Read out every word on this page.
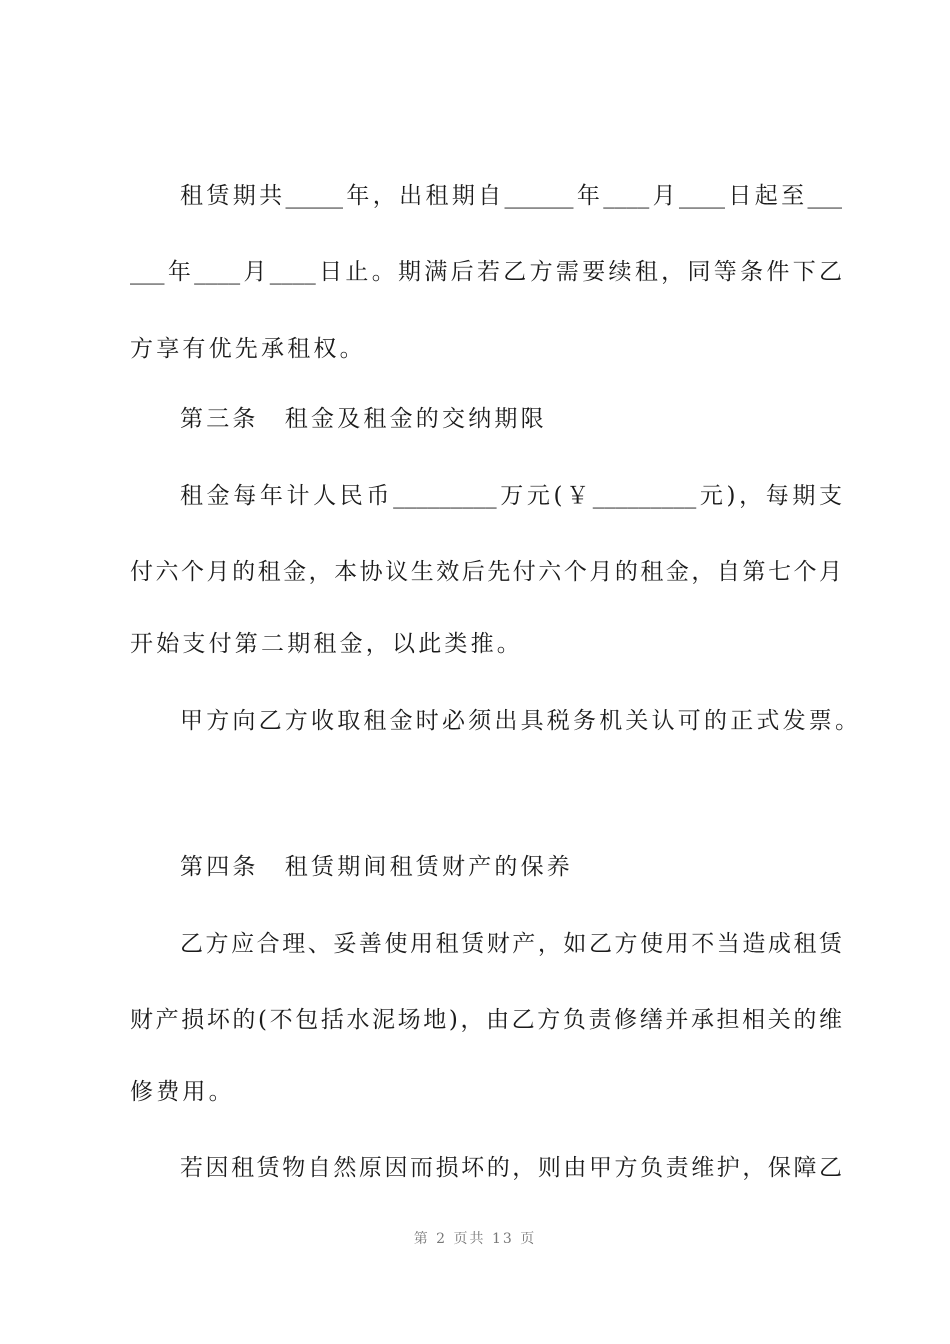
租赁期共_____年，出租期自______年____月____日起至___
___年____月____日止。期满后若乙方需要续租，同等条件下乙
方享有优先承租权。
第三条　租金及租金的交纳期限
租金每年计人民币_________万元(￥_________元)，每期支
付六个月的租金，本协议生效后先付六个月的租金，自第七个月
开始支付第二期租金，以此类推。
甲方向乙方收取租金时必须出具税务机关认可的正式发票。
第四条　租赁期间租赁财产的保养
乙方应合理、妥善使用租赁财产，如乙方使用不当造成租赁
财产损坏的(不包括水泥场地)，由乙方负责修缮并承担相关的维
修费用。
若因租赁物自然原因而损坏的，则由甲方负责维护，保障乙
第 2 页共 13 页
